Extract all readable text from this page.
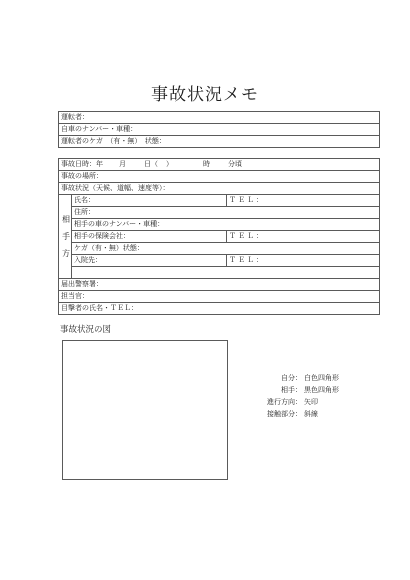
事故状況メモ
運転者：
自車のナンバー・車種：
運転者のケガ　（有・無）　状態：
事故日時：年 月 日（ ） 時 分頃		
事故の場所：		
事故状況（天候、道幅、速度等）：		

相
手
方	氏名：	ＴＥＬ：
	住所：	
	相手の車のナンバー・車種：	
	相手の保険会社：	ＴＥＬ：
	ケガ（有・無）状態：	
	入院先：	ＴＥＬ：

届出警察署：		
担当官：		
目撃者の氏名・ＴＥＬ：		
事故状況の図
自分： 白色四角形
相手： 黒色四角形
進行方向： 矢印
接触部分： 斜線
